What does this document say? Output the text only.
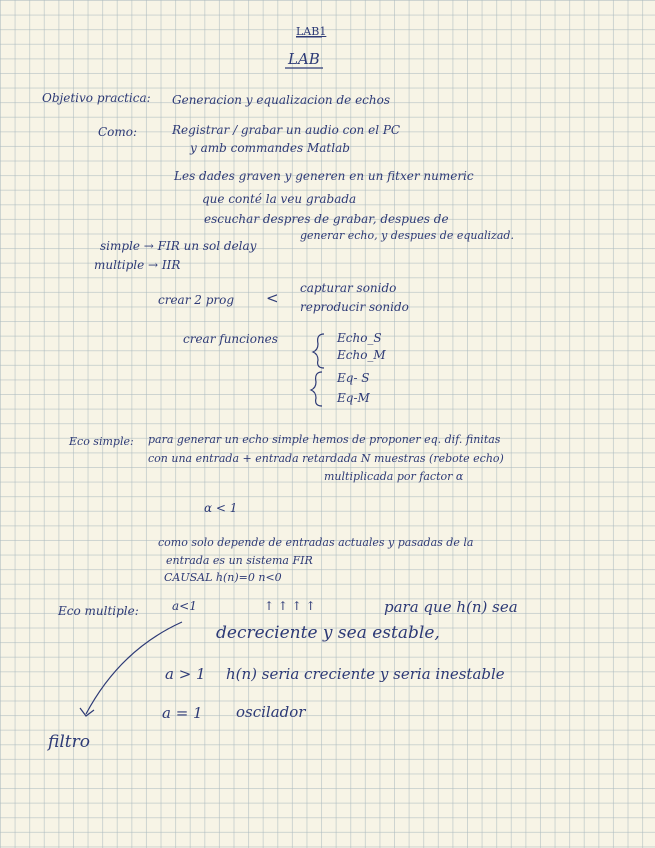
LAB1
LAB
Objetivo practica: Generacion y equalizacion de echos
Como:	Registrar / grabar un audio con el PC
y amb commandes Matlab
Les dades graven y generen en un fitxer numeric
que conté la veu grabada
escuchar despres de grabar, despues de
generar echo, y despues de equalizad.
simple → FIR un sol delay
multiple → IIR
crear 2 prog <
capturar sonido
reproducir sonido
crear funciones	Echo_S
Echo_M
Eq- S
Eq-M
Eco simple: para generar un echo simple hemos de proponer eq. dif. finitas
con una entrada + entrada retardada N muestras (rebote echo)
multiplicada por factor α
α < 1
como solo depende de entradas actuales y pasadas de la
entrada es un sistema FIR
CAUSAL h(n)=0 n<0
Eco multiple:	a<1	↑ ↑ ↑ ↑	para que h(n) sea
decreciente y sea estable,
a > 1 h(n) seria creciente y seria inestable
a = 1 oscilador
filtro
